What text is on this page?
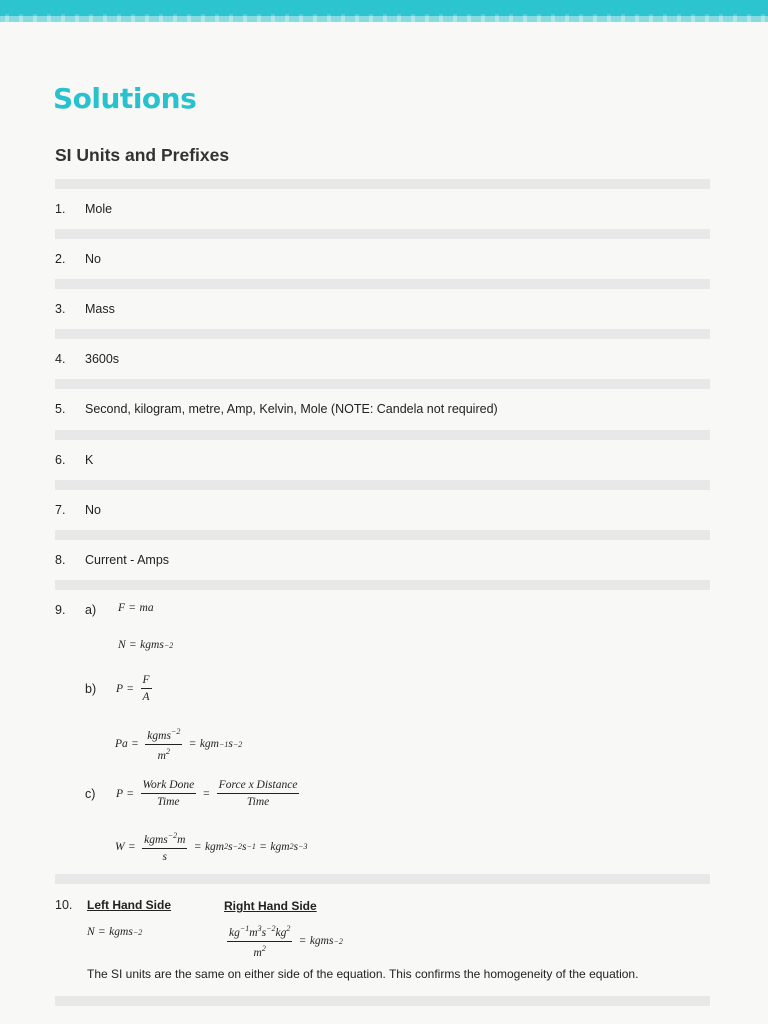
Solutions
SI Units and Prefixes
1. Mole
2. No
3. Mass
4. 3600s
5. Second, kilogram, metre, Amp, Kelvin, Mole (NOTE: Candela not required)
6. K
7. No
8. Current - Amps
9. a) F = ma
N = kgms −2
b) $P = \frac{F}{A}$
$Pa = \frac{kgms^{-2}}{m^2}$ = kgm −1 s −2
c) $P = \frac{\text{Work Done}}{\text{Time}} = \frac{\text{Force x Distance}}{\text{Time}}$
$W = \frac{kgms^{-2}m}{s}$ = kgm 2 s −2 s −1 = kgm 2 s −3
10. Left Hand Side	Right Hand Side
N = kgms −2	$\frac{kg^{-1}m^3s^{-2}kg^2}{m^2}$ = kgms −2
The SI units are the same on either side of the equation. This confirms the homogeneity of the equation.
